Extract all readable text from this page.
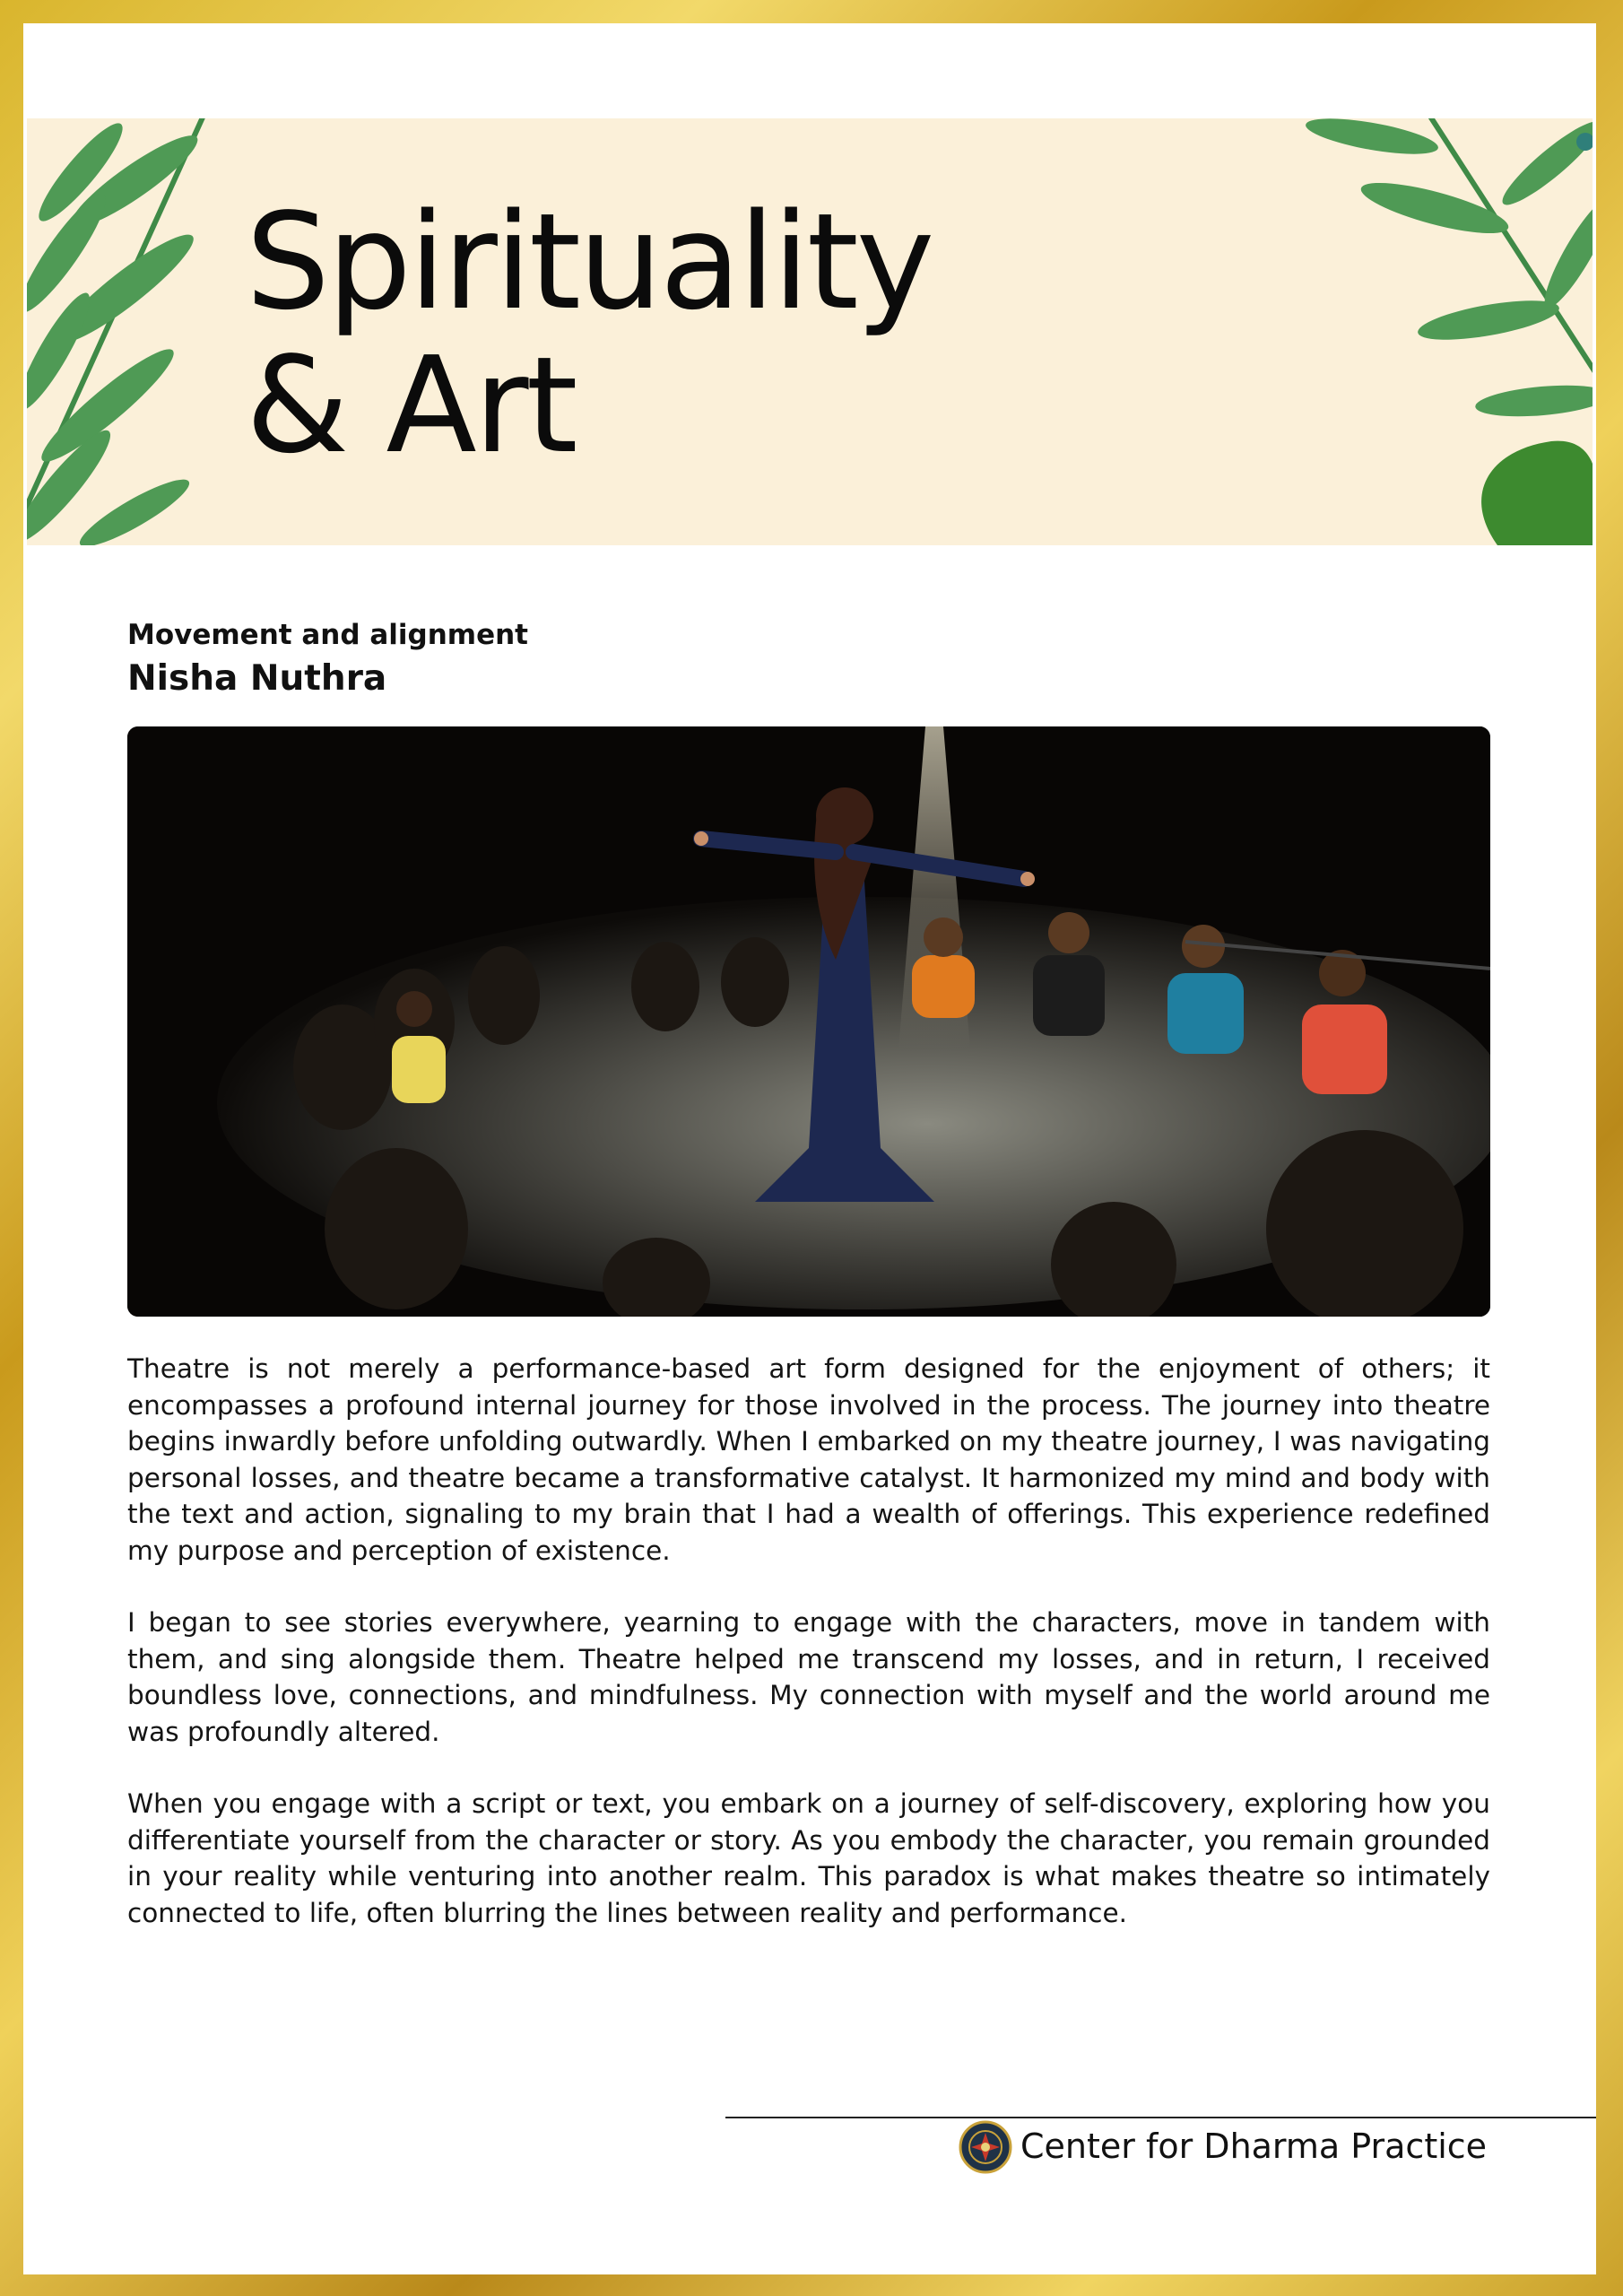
Spirituality
& Art

Movement and alignment

Nisha Nuthra

Theatre is not merely a performance-based art form designed for the enjoyment of others; it encompasses a profound internal journey for those involved in the process. The journey into theatre begins inwardly before unfolding outwardly. When I embarked on my theatre journey, I was navigating personal losses, and theatre became a transformative catalyst. It harmonized my mind and body with the text and action, signaling to my brain that I had a wealth of offerings. This experience redefined my purpose and perception of existence.

I began to see stories everywhere, yearning to engage with the characters, move in tandem with them, and sing alongside them. Theatre helped me transcend my losses, and in return, I received boundless love, connections, and mindfulness. My connection with myself and the world around me was profoundly altered.

When you engage with a script or text, you embark on a journey of self-discovery, exploring how you differentiate yourself from the character or story. As you embody the character, you remain grounded in your reality while venturing into another realm. This paradox is what makes theatre so intimately connected to life, often blurring the lines between reality and performance.

Center for Dharma Practice
